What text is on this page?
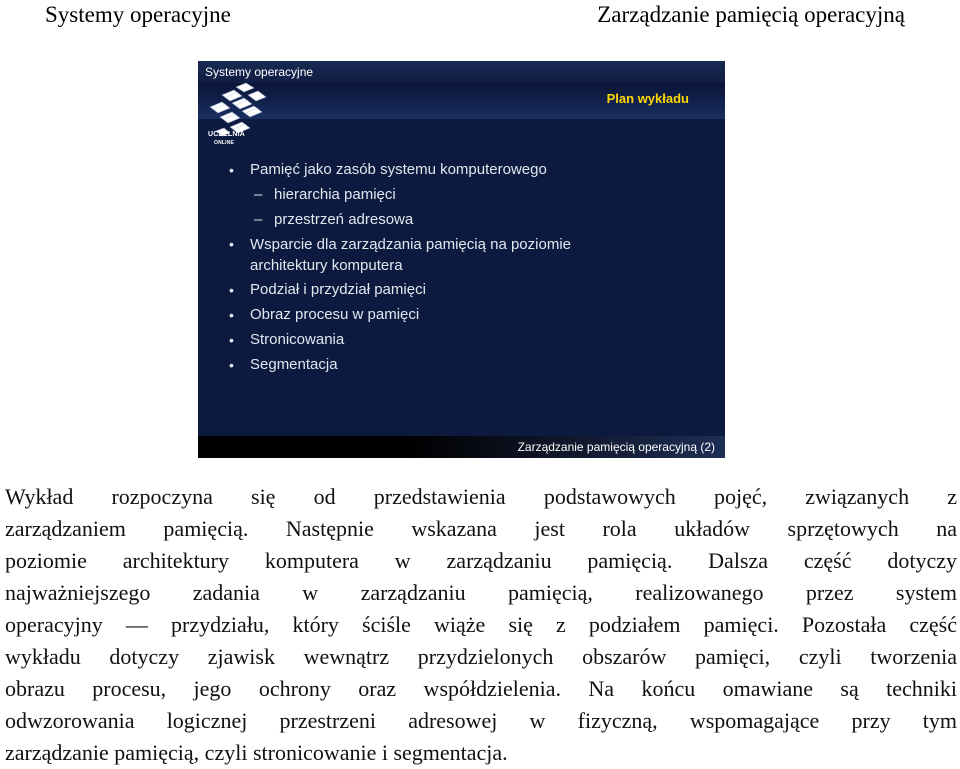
Systemy operacyjne	Zarządzanie pamięcią operacyjną
Systemy operacyjne
Plan wykładu
UCZELNIA
ONLINE
• Pamięć jako zasób systemu komputerowego
– hierarchia pamięci
– przestrzeń adresowa
• Wsparcie dla zarządzania pamięcią na poziomie
architektury komputera
• Podział i przydział pamięci
• Obraz procesu w pamięci
• Stronicowania
• Segmentacja
Zarządzanie pamięcią operacyjną (2)
Wykład rozpoczyna się od przedstawienia podstawowych pojęć, związanych z
zarządzaniem pamięcią. Następnie wskazana jest rola układów sprzętowych na
poziomie architektury komputera w zarządzaniu pamięcią. Dalsza część dotyczy
najważniejszego zadania w zarządzaniu pamięcią, realizowanego przez system
operacyjny — przydziału, który ściśle wiąże się z podziałem pamięci. Pozostała część
wykładu dotyczy zjawisk wewnątrz przydzielonych obszarów pamięci, czyli tworzenia
obrazu procesu, jego ochrony oraz współdzielenia. Na końcu omawiane są techniki
odwzorowania logicznej przestrzeni adresowej w fizyczną, wspomagające przy tym
zarządzanie pamięcią, czyli stronicowanie i segmentacja.
